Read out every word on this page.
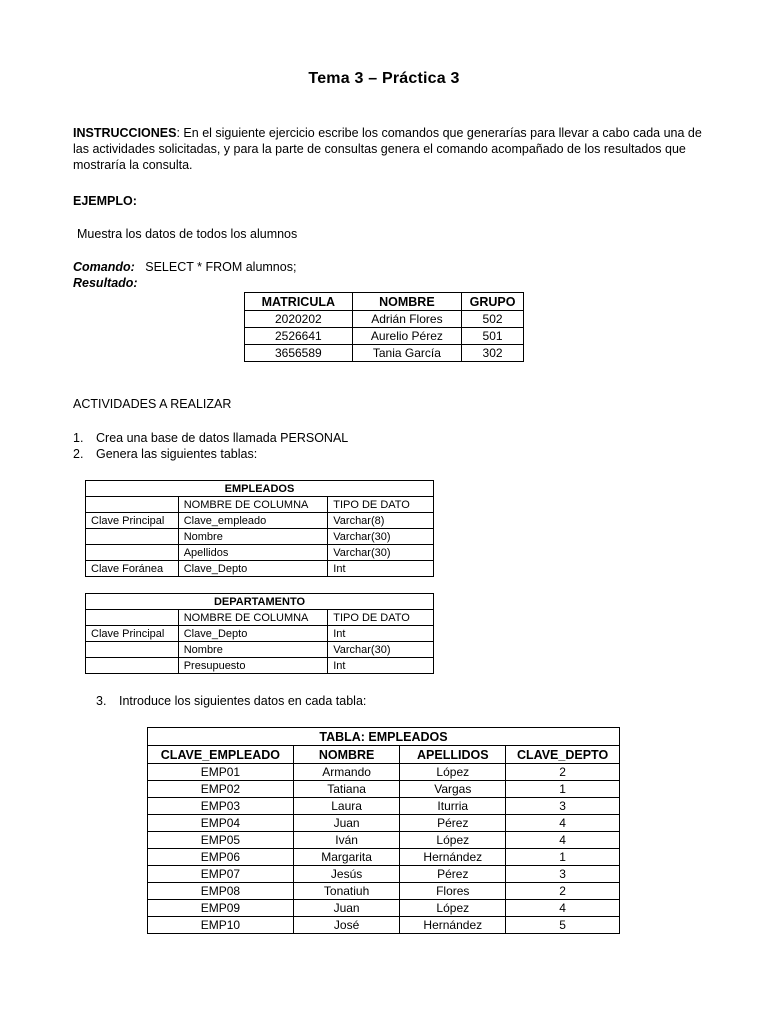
Tema 3 – Práctica 3
INSTRUCCIONES: En el siguiente ejercicio escribe los comandos que generarías para llevar a cabo cada una de las actividades solicitadas, y para la parte de consultas genera el comando acompañado de los resultados que mostraría la consulta.
EJEMPLO:
Muestra los datos de todos los alumnos
Comando: SELECT * FROM alumnos;
Resultado:
MATRICULA	NOMBRE	GRUPO
2020202	Adrián Flores	502
2526641	Aurelio Pérez	501
3656589	Tania García	302
ACTIVIDADES A REALIZAR
1. Crea una base de datos llamada PERSONAL
2. Genera las siguientes tablas:
EMPLEADOS		
	NOMBRE DE COLUMNA	TIPO DE DATO
Clave Principal	Clave_empleado	Varchar(8)
	Nombre	Varchar(30)
	Apellidos	Varchar(30)
Clave Foránea	Clave_Depto	Int
DEPARTAMENTO		
	NOMBRE DE COLUMNA	TIPO DE DATO
Clave Principal	Clave_Depto	Int
	Nombre	Varchar(30)
	Presupuesto	Int
3. Introduce los siguientes datos en cada tabla:
TABLA: EMPLEADOS			
CLAVE_EMPLEADO	NOMBRE	APELLIDOS	CLAVE_DEPTO
EMP01	Armando	López	2
EMP02	Tatiana	Vargas	1
EMP03	Laura	Iturria	3
EMP04	Juan	Pérez	4
EMP05	Iván	López	4
EMP06	Margarita	Hernández	1
EMP07	Jesús	Pérez	3
EMP08	Tonatiuh	Flores	2
EMP09	Juan	López	4
EMP10	José	Hernández	5
